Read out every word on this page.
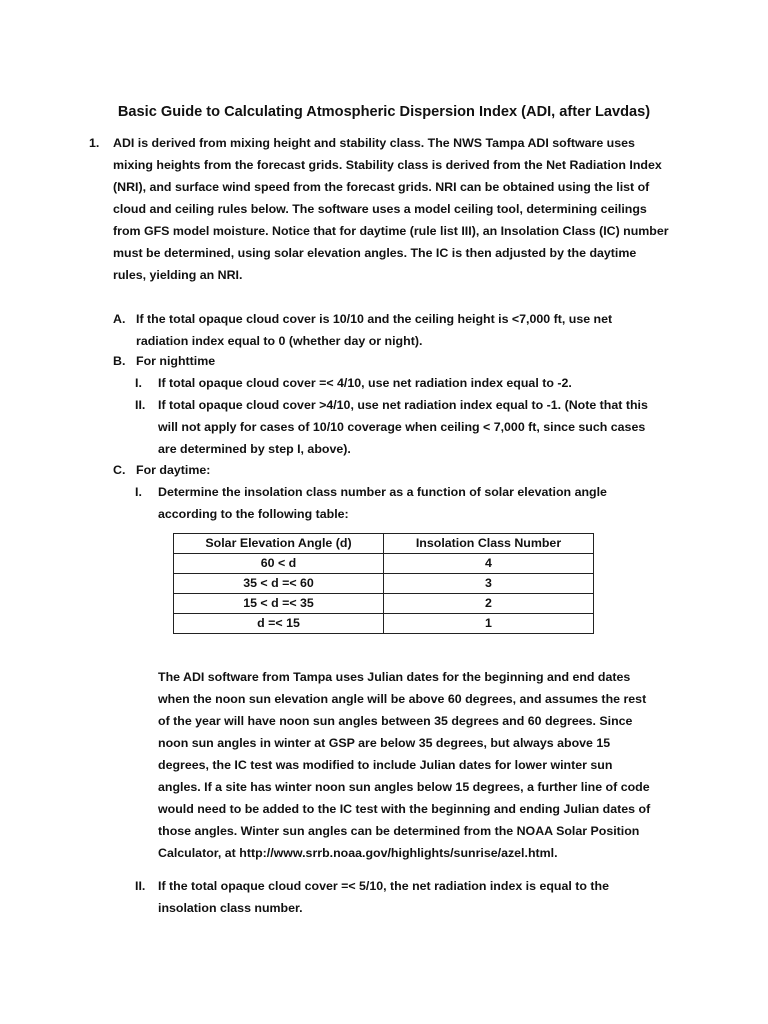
Basic Guide to Calculating Atmospheric Dispersion Index (ADI, after Lavdas)
1. ADI is derived from mixing height and stability class. The NWS Tampa ADI software uses mixing heights from the forecast grids. Stability class is derived from the Net Radiation Index (NRI), and surface wind speed from the forecast grids. NRI can be obtained using the list of cloud and ceiling rules below. The software uses a model ceiling tool, determining ceilings from GFS model moisture. Notice that for daytime (rule list III), an Insolation Class (IC) number must be determined, using solar elevation angles. The IC is then adjusted by the daytime rules, yielding an NRI.
A. If the total opaque cloud cover is 10/10 and the ceiling height is <7,000 ft, use net radiation index equal to 0 (whether day or night).
B. For nighttime
I. If total opaque cloud cover =< 4/10, use net radiation index equal to -2.
II. If total opaque cloud cover >4/10, use net radiation index equal to -1. (Note that this will not apply for cases of 10/10 coverage when ceiling < 7,000 ft, since such cases are determined by step I, above).
C. For daytime:
I. Determine the insolation class number as a function of solar elevation angle according to the following table:
Solar Elevation Angle (d)	Insolation Class Number
60 < d	4
35 < d =< 60	3
15 < d =< 35	2
d =< 15	1
The ADI software from Tampa uses Julian dates for the beginning and end dates when the noon sun elevation angle will be above 60 degrees, and assumes the rest of the year will have noon sun angles between 35 degrees and 60 degrees. Since noon sun angles in winter at GSP are below 35 degrees, but always above 15 degrees, the IC test was modified to include Julian dates for lower winter sun angles. If a site has winter noon sun angles below 15 degrees, a further line of code would need to be added to the IC test with the beginning and ending Julian dates of those angles. Winter sun angles can be determined from the NOAA Solar Position Calculator, at http://www.srrb.noaa.gov/highlights/sunrise/azel.html.
II. If the total opaque cloud cover =< 5/10, the net radiation index is equal to the insolation class number.
